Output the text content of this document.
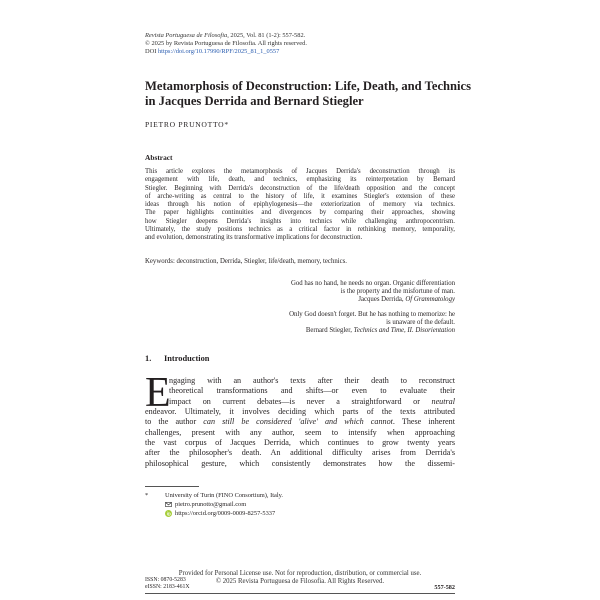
Revista Portuguesa de Filosofia, 2025, Vol. 81 (1-2): 557-582.
© 2025 by Revista Portuguesa de Filosofia. All rights reserved.
DOI https://doi.org/10.17990/RPF/2025_81_1_0557
Metamorphosis of Deconstruction: Life, Death, and Technics
in Jacques Derrida and Bernard Stiegler
PIETRO PRUNOTTO*
Abstract
This article explores the metamorphosis of Jacques Derrida's deconstruction through its
engagement with life, death, and technics, emphasizing its reinterpretation by Bernard
Stiegler. Beginning with Derrida's deconstruction of the life/death opposition and the concept
of arche-writing as central to the history of life, it examines Stiegler's extension of these
ideas through his notion of epiphylogenesis—the exteriorization of memory via technics.
The paper highlights continuities and divergences by comparing their approaches, showing
how Stiegler deepens Derrida's insights into technics while challenging anthropocentrism.
Ultimately, the study positions technics as a critical factor in rethinking memory, temporality,
and evolution, demonstrating its transformative implications for deconstruction.
Keywords: deconstruction, Derrida, Stiegler, life/death, memory, technics.
God has no hand, he needs no organ. Organic differentiation
is the property and the misfortune of man.
Jacques Derrida, Of Grammatology
Only God doesn't forget. But he has nothing to memorize: he
is unaware of the default.
Bernard Stiegler, Technics and Time, II. Disorientation
1. Introduction
E
ngaging with an author's texts after their death to reconstruct
theoretical transformations and shifts—or even to evaluate their
impact on current debates—is never a straightforward or neutral
endeavor. Ultimately, it involves deciding which parts of the texts attributed
to the author can still be considered 'alive' and which cannot. These inherent
challenges, present with any author, seem to intensify when approaching
the vast corpus of Jacques Derrida, which continues to grow twenty years
after the philosopher's death. An additional difficulty arises from Derrida's
philosophical gesture, which consistently demonstrates how the dissemi-
*	University of Turin (FINO Consortium), Italy.
pietro.prunotto@gmail.com
https://orcid.org/0009-0009-8257-5337
ISSN: 0870-5283
eISSN: 2183-461X	557-582
Provided for Personal License use. Not for reproduction, distribution, or commercial use.
© 2025 Revista Portuguesa de Filosofia. All Rights Reserved.
